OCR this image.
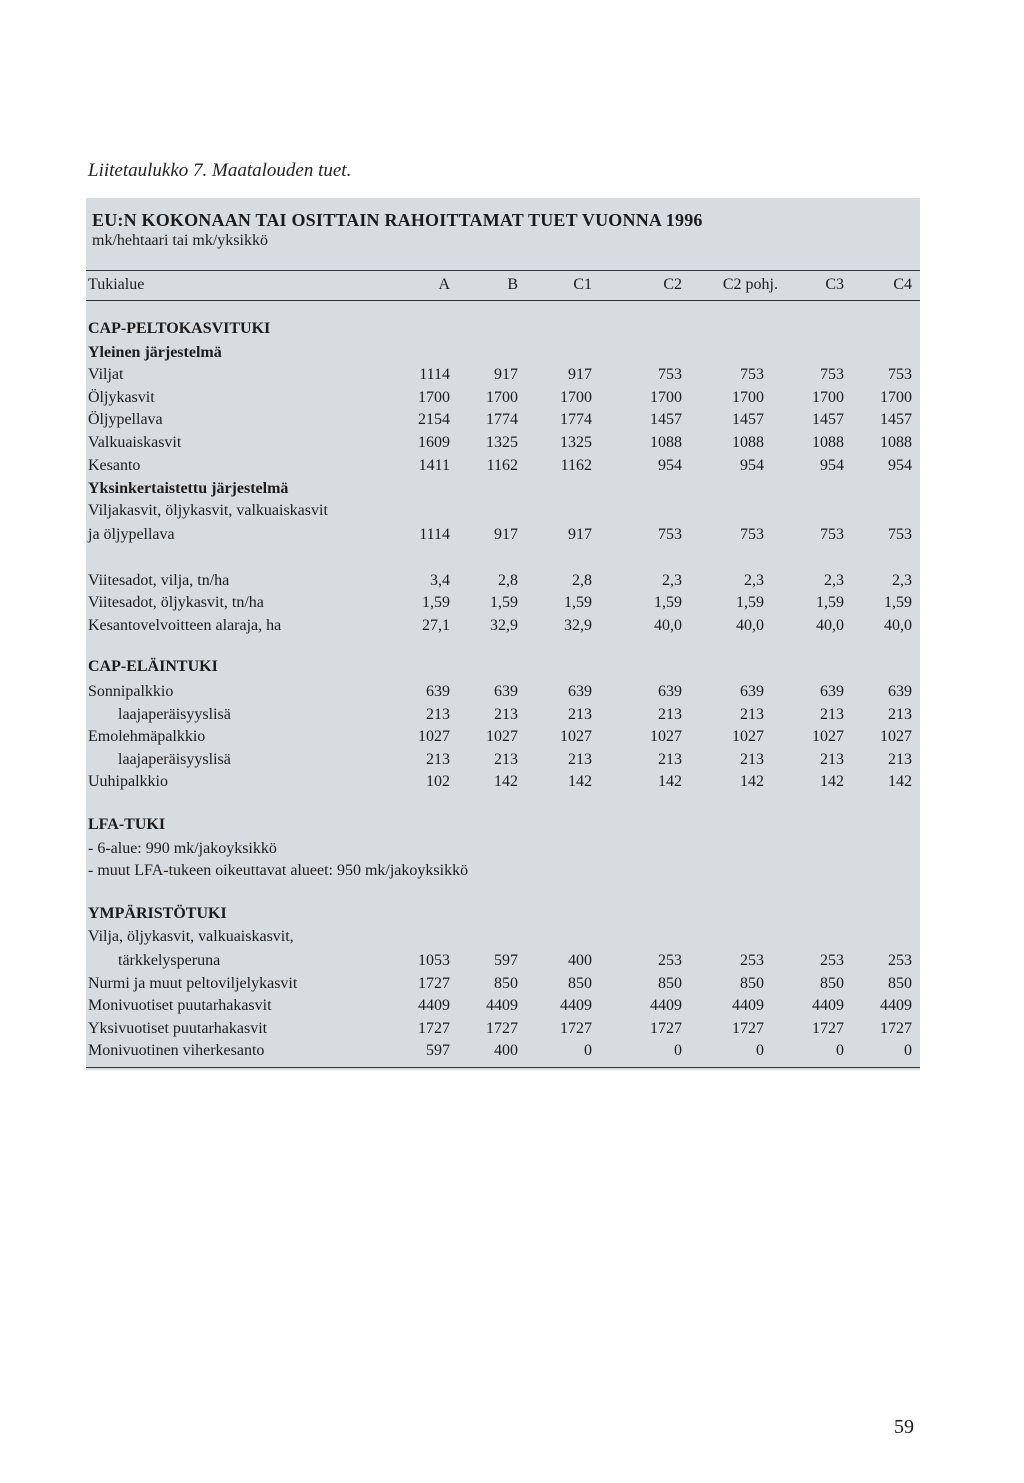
Liitetaulukko 7. Maatalouden tuet.
EU:N KOKONAAN TAI OSITTAIN RAHOITTAMAT TUET VUONNA 1996
mk/hehtaari tai mk/yksikkö
Tukialue	A	B	C1	C2	C2 pohj.	C3	C4
CAP-PELTOKASVITUKI
Yleinen järjestelmä
Viljat	1114	917	917	753	753	753	753
Öljykasvit	1700	1700	1700	1700	1700	1700	1700
Öljypellava	2154	1774	1774	1457	1457	1457	1457
Valkuaiskasvit	1609	1325	1325	1088	1088	1088	1088
Kesanto	1411	1162	1162	954	954	954	954
Yksinkertaistettu järjestelmä
Viljakasvit, öljykasvit, valkuaiskasvit
ja öljypellava	1114	917	917	753	753	753	753
Viitesadot, vilja, tn/ha	3,4	2,8	2,8	2,3	2,3	2,3	2,3
Viitesadot, öljykasvit, tn/ha	1,59	1,59	1,59	1,59	1,59	1,59	1,59
Kesantovelvoitteen alaraja, ha	27,1	32,9	32,9	40,0	40,0	40,0	40,0
CAP-ELÄINTUKI
Sonnipalkkio	639	639	639	639	639	639	639
laajaperäisyyslisä	213	213	213	213	213	213	213
Emolehmäpalkkio	1027	1027	1027	1027	1027	1027	1027
laajaperäisyyslisä	213	213	213	213	213	213	213
Uuhipalkkio	102	142	142	142	142	142	142
LFA-TUKI
- 6-alue: 990 mk/jakoyksikkö
- muut LFA-tukeen oikeuttavat alueet: 950 mk/jakoyksikkö
YMPÄRISTÖTUKI
Vilja, öljykasvit, valkuaiskasvit,
tärkkelysperuna	1053	597	400	253	253	253	253
Nurmi ja muut peltoviljelykasvit	1727	850	850	850	850	850	850
Monivuotiset puutarhakasvit	4409	4409	4409	4409	4409	4409	4409
Yksivuotiset puutarhakasvit	1727	1727	1727	1727	1727	1727	1727
Monivuotinen viherkesanto	597	400	0	0	0	0	0
59
